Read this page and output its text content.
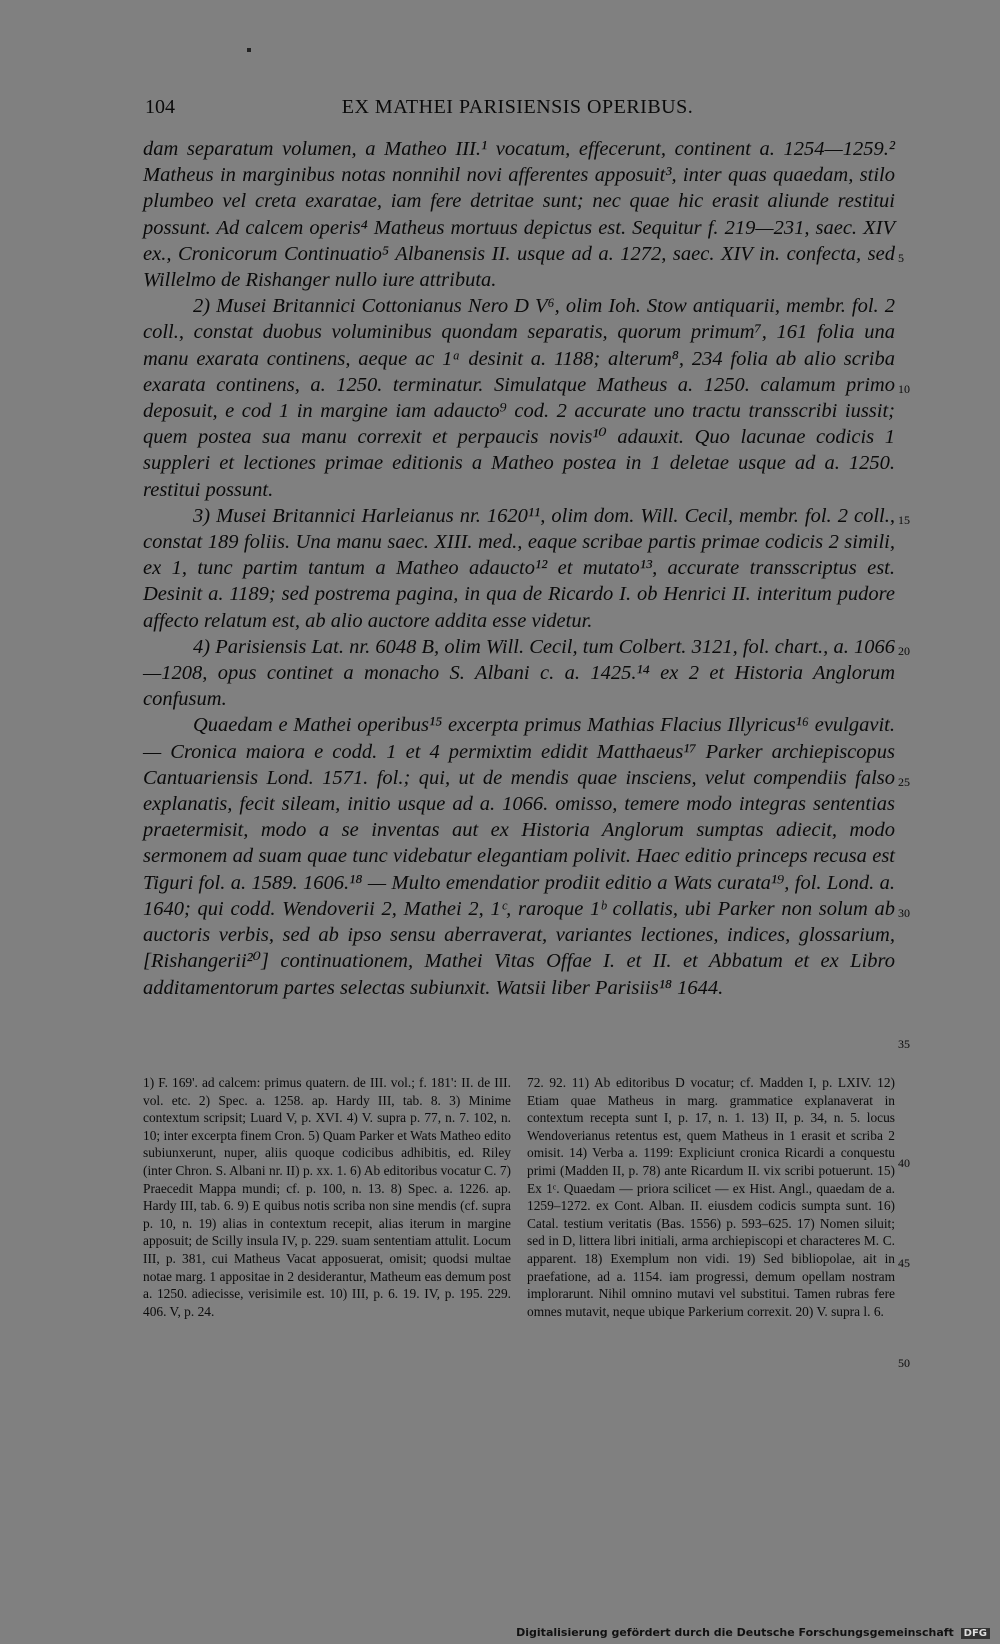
104	EX MATHEI PARISIENSIS OPERIBUS.

dam separatum volumen, a Matheo III.¹ vocatum, effecerunt, continent a. 1254—1259.² Matheus in marginibus notas nonnihil novi afferentes apposuit³, inter quas quaedam, stilo plumbeo vel creta exaratae, iam fere detritae sunt; nec quae hic erasit aliunde restitui possunt. Ad calcem operis⁴ Matheus mortuus depictus est. Sequitur f. 219—231, saec. XIV ex., Cronicorum Continuatio⁵ Albanensis II. usque ad a. 1272, saec. XIV in. confecta, sed Willelmo de Rishanger nullo iure attributa.

2) Musei Britannici Cottonianus Nero D V⁶, olim Ioh. Stow antiquarii, membr. fol. 2 coll., constat duobus voluminibus quondam separatis, quorum primum⁷, 161 folia una manu exarata continens, aeque ac 1ᵃ desinit a. 1188; alterum⁸, 234 folia ab alio scriba exarata continens, a. 1250. terminatur. Simulatque Matheus a. 1250. calamum primo deposuit, e cod 1 in margine iam adaucto⁹ cod. 2 accurate uno tractu transscribi iussit; quem postea sua manu correxit et perpaucis novis¹⁰ adauxit. Quo lacunae codicis 1 suppleri et lectiones primae editionis a Matheo postea in 1 deletae usque ad a. 1250. restitui possunt.

3) Musei Britannici Harleianus nr. 1620¹¹, olim dom. Will. Cecil, membr. fol. 2 coll., constat 189 foliis. Una manu saec. XIII. med., eaque scribae partis primae codicis 2 simili, ex 1, tunc partim tantum a Matheo adaucto¹² et mutato¹³, accurate transscriptus est. Desinit a. 1189; sed postrema pagina, in qua de Ricardo I. ob Henrici II. interitum pudore affecto relatum est, ab alio auctore addita esse videtur.

4) Parisiensis Lat. nr. 6048 B, olim Will. Cecil, tum Colbert. 3121, fol. chart., a. 1066—1208, opus continet a monacho S. Albani c. a. 1425.¹⁴ ex 2 et Historia Anglorum confusum.

Quaedam e Mathei operibus¹⁵ excerpta primus Mathias Flacius Illyricus¹⁶ evulgavit. — Cronica maiora e codd. 1 et 4 permixtim edidit Matthaeus¹⁷ Parker archiepiscopus Cantuariensis Lond. 1571. fol.; qui, ut de mendis quae insciens, velut compendiis falso explanatis, fecit sileam, initio usque ad a. 1066. omisso, temere modo integras sententias praetermisit, modo a se inventas aut ex Historia Anglorum sumptas adiecit, modo sermonem ad suam quae tunc videbatur elegantiam polivit. Haec editio princeps recusa est Tiguri fol. a. 1589. 1606.¹⁸ — Multo emendatior prodiit editio a Wats curata¹⁹, fol. Lond. a. 1640; qui codd. Wendoverii 2, Mathei 2, 1ᶜ, raroque 1ᵇ collatis, ubi Parker non solum ab auctoris verbis, sed ab ipso sensu aberraverat, variantes lectiones, indices, glossarium, [Rishangerii²⁰] continuationem, Mathei Vitas Offae I. et II. et Abbatum et ex Libro additamentorum partes selectas subiunxit. Watsii liber Parisiis¹⁸ 1644.

5
10
15
20
25
30
35
40
45
50
1) F. 169'. ad calcem: primus quatern. de III. vol.; f. 181': II. de III. vol. etc. 2) Spec. a. 1258. ap. Hardy III, tab. 8. 3) Minime contextum scripsit; Luard V, p. XVI. 4) V. supra p. 77, n. 7. 102, n. 10; inter excerpta finem Cron. 5) Quam Parker et Wats Matheo edito subiunxerunt, nuper, aliis quoque codicibus adhibitis, ed. Riley (inter Chron. S. Albani nr. II) p. xx. 1. 6) Ab editoribus vocatur C. 7) Praecedit Mappa mundi; cf. p. 100, n. 13. 8) Spec. a. 1226. ap. Hardy III, tab. 6. 9) E quibus notis scriba non sine mendis (cf. supra p. 10, n. 19) alias in contextum recepit, alias iterum in margine apposuit; de Scilly insula IV, p. 229. suam sententiam attulit. Locum III, p. 381, cui Matheus Vacat apposuerat, omisit; quodsi multae notae marg. 1 appositae in 2 desiderantur, Matheum eas demum post a. 1250. adiecisse, verisimile est. 10) III, p. 6. 19. IV, p. 195. 229. 406. V, p. 24.
72. 92. 11) Ab editoribus D vocatur; cf. Madden I, p. LXIV. 12) Etiam quae Matheus in marg. grammatice explanaverat in contextum recepta sunt I, p. 17, n. 1. 13) II, p. 34, n. 5. locus Wendoverianus retentus est, quem Matheus in 1 erasit et scriba 2 omisit. 14) Verba a. 1199: Expliciunt cronica Ricardi a conquestu primi (Madden II, p. 78) ante Ricardum II. vix scribi potuerunt. 15) Ex 1ᶜ. Quaedam — priora scilicet — ex Hist. Angl., quaedam de a. 1259–1272. ex Cont. Alban. II. eiusdem codicis sumpta sunt. 16) Catal. testium veritatis (Bas. 1556) p. 593–625. 17) Nomen siluit; sed in D, littera libri initiali, arma archiepiscopi et characteres M. C. apparent. 18) Exemplum non vidi. 19) Sed bibliopolae, ait in praefatione, ad a. 1154. iam progressi, demum opellam nostram implorarunt. Nihil omnino mutavi vel substitui. Tamen rubras fere omnes mutavit, neque ubique Parkerium correxit. 20) V. supra l. 6.
Digitalisierung gefördert durch die Deutsche Forschungsgemeinschaft DFG
